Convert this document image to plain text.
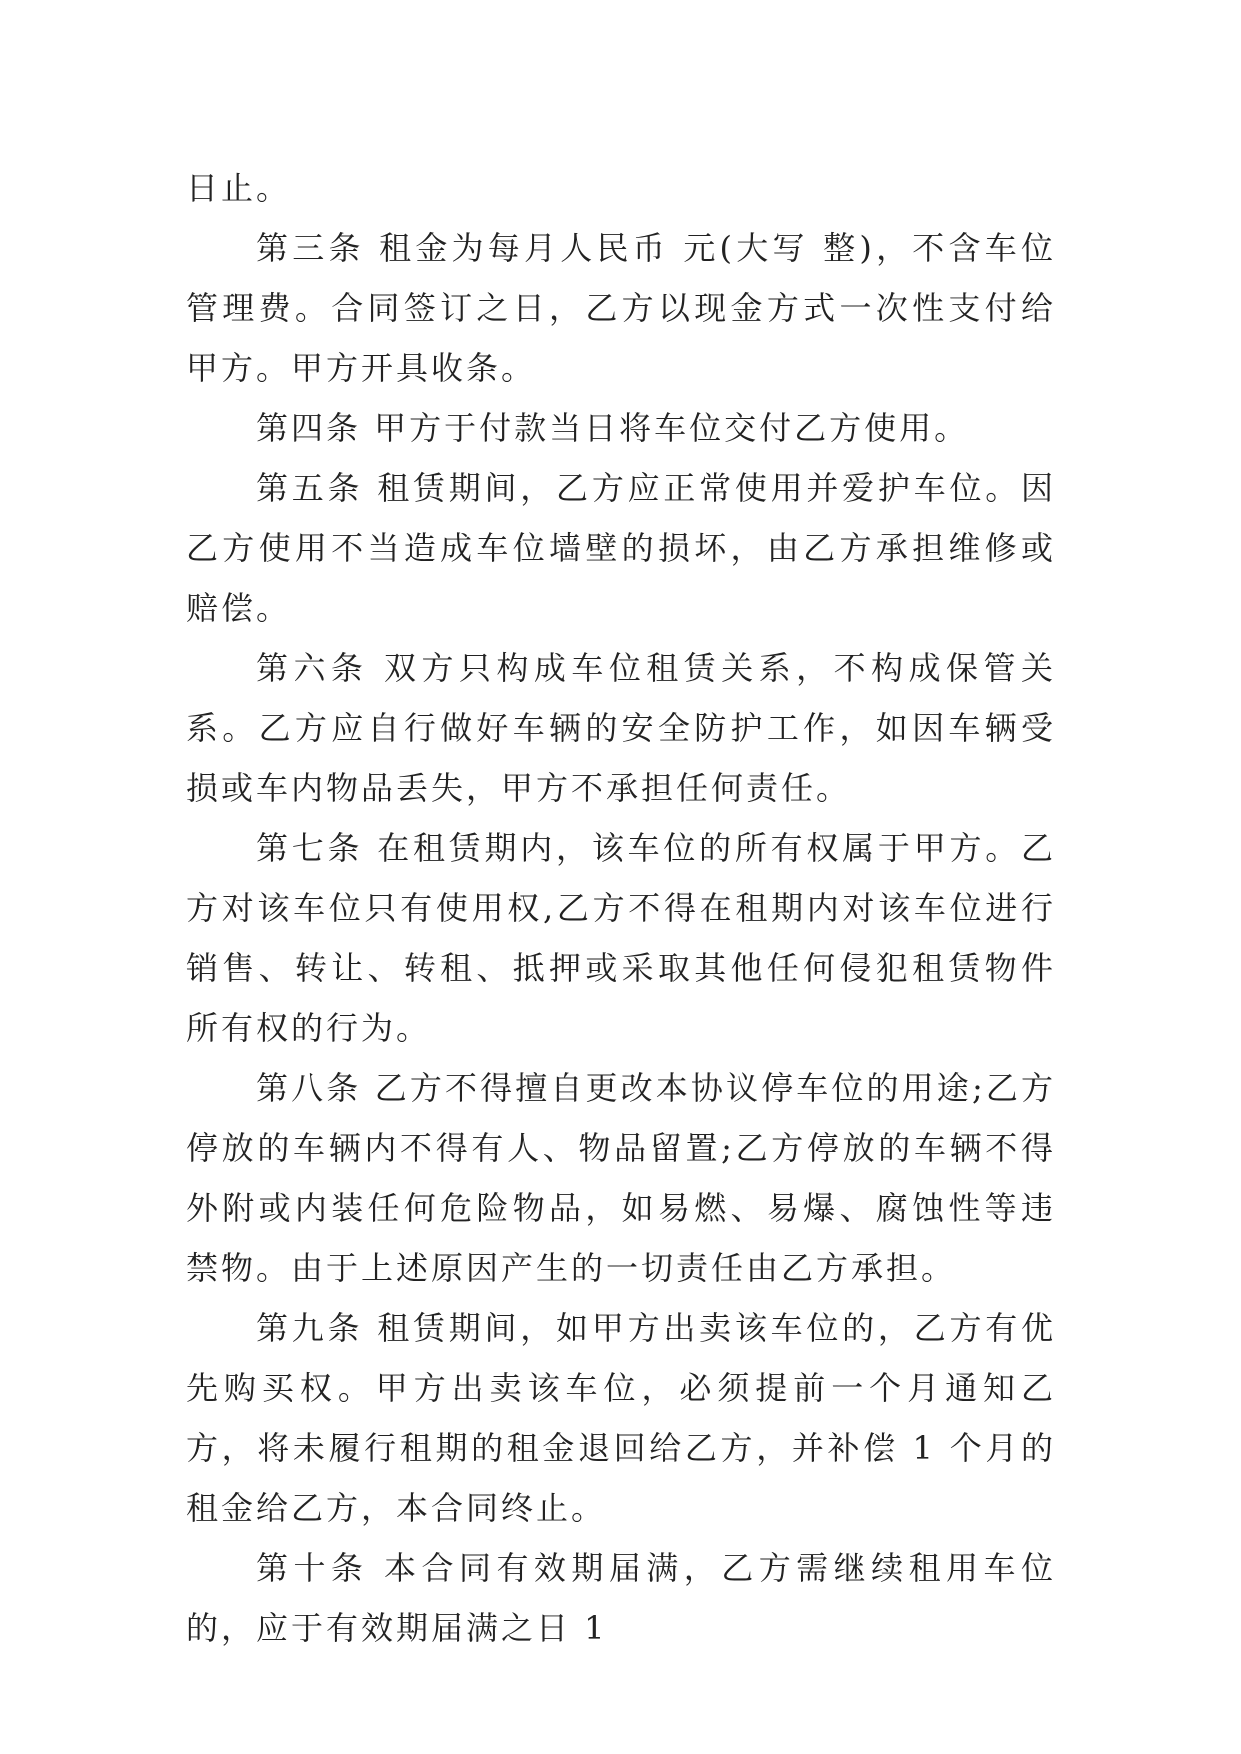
日止。

第三条 租金为每月人民币 元(大写 整)，不含车位管理费。合同签订之日，乙方以现金方式一次性支付给甲方。甲方开具收条。

第四条 甲方于付款当日将车位交付乙方使用。

第五条 租赁期间，乙方应正常使用并爱护车位。因乙方使用不当造成车位墙壁的损坏，由乙方承担维修或赔偿。

第六条 双方只构成车位租赁关系，不构成保管关系。乙方应自行做好车辆的安全防护工作，如因车辆受损或车内物品丢失，甲方不承担任何责任。

第七条 在租赁期内，该车位的所有权属于甲方。乙方对该车位只有使用权,乙方不得在租期内对该车位进行销售、转让、转租、抵押或采取其他任何侵犯租赁物件所有权的行为。

第八条 乙方不得擅自更改本协议停车位的用途;乙方停放的车辆内不得有人、物品留置;乙方停放的车辆不得外附或内装任何危险物品，如易燃、易爆、腐蚀性等违禁物。由于上述原因产生的一切责任由乙方承担。

第九条 租赁期间，如甲方出卖该车位的，乙方有优先购买权。甲方出卖该车位，必须提前一个月通知乙方，将未履行租期的租金退回给乙方，并补偿 1 个月的租金给乙方，本合同终止。

第十条 本合同有效期届满，乙方需继续租用车位的，应于有效期届满之日 1
